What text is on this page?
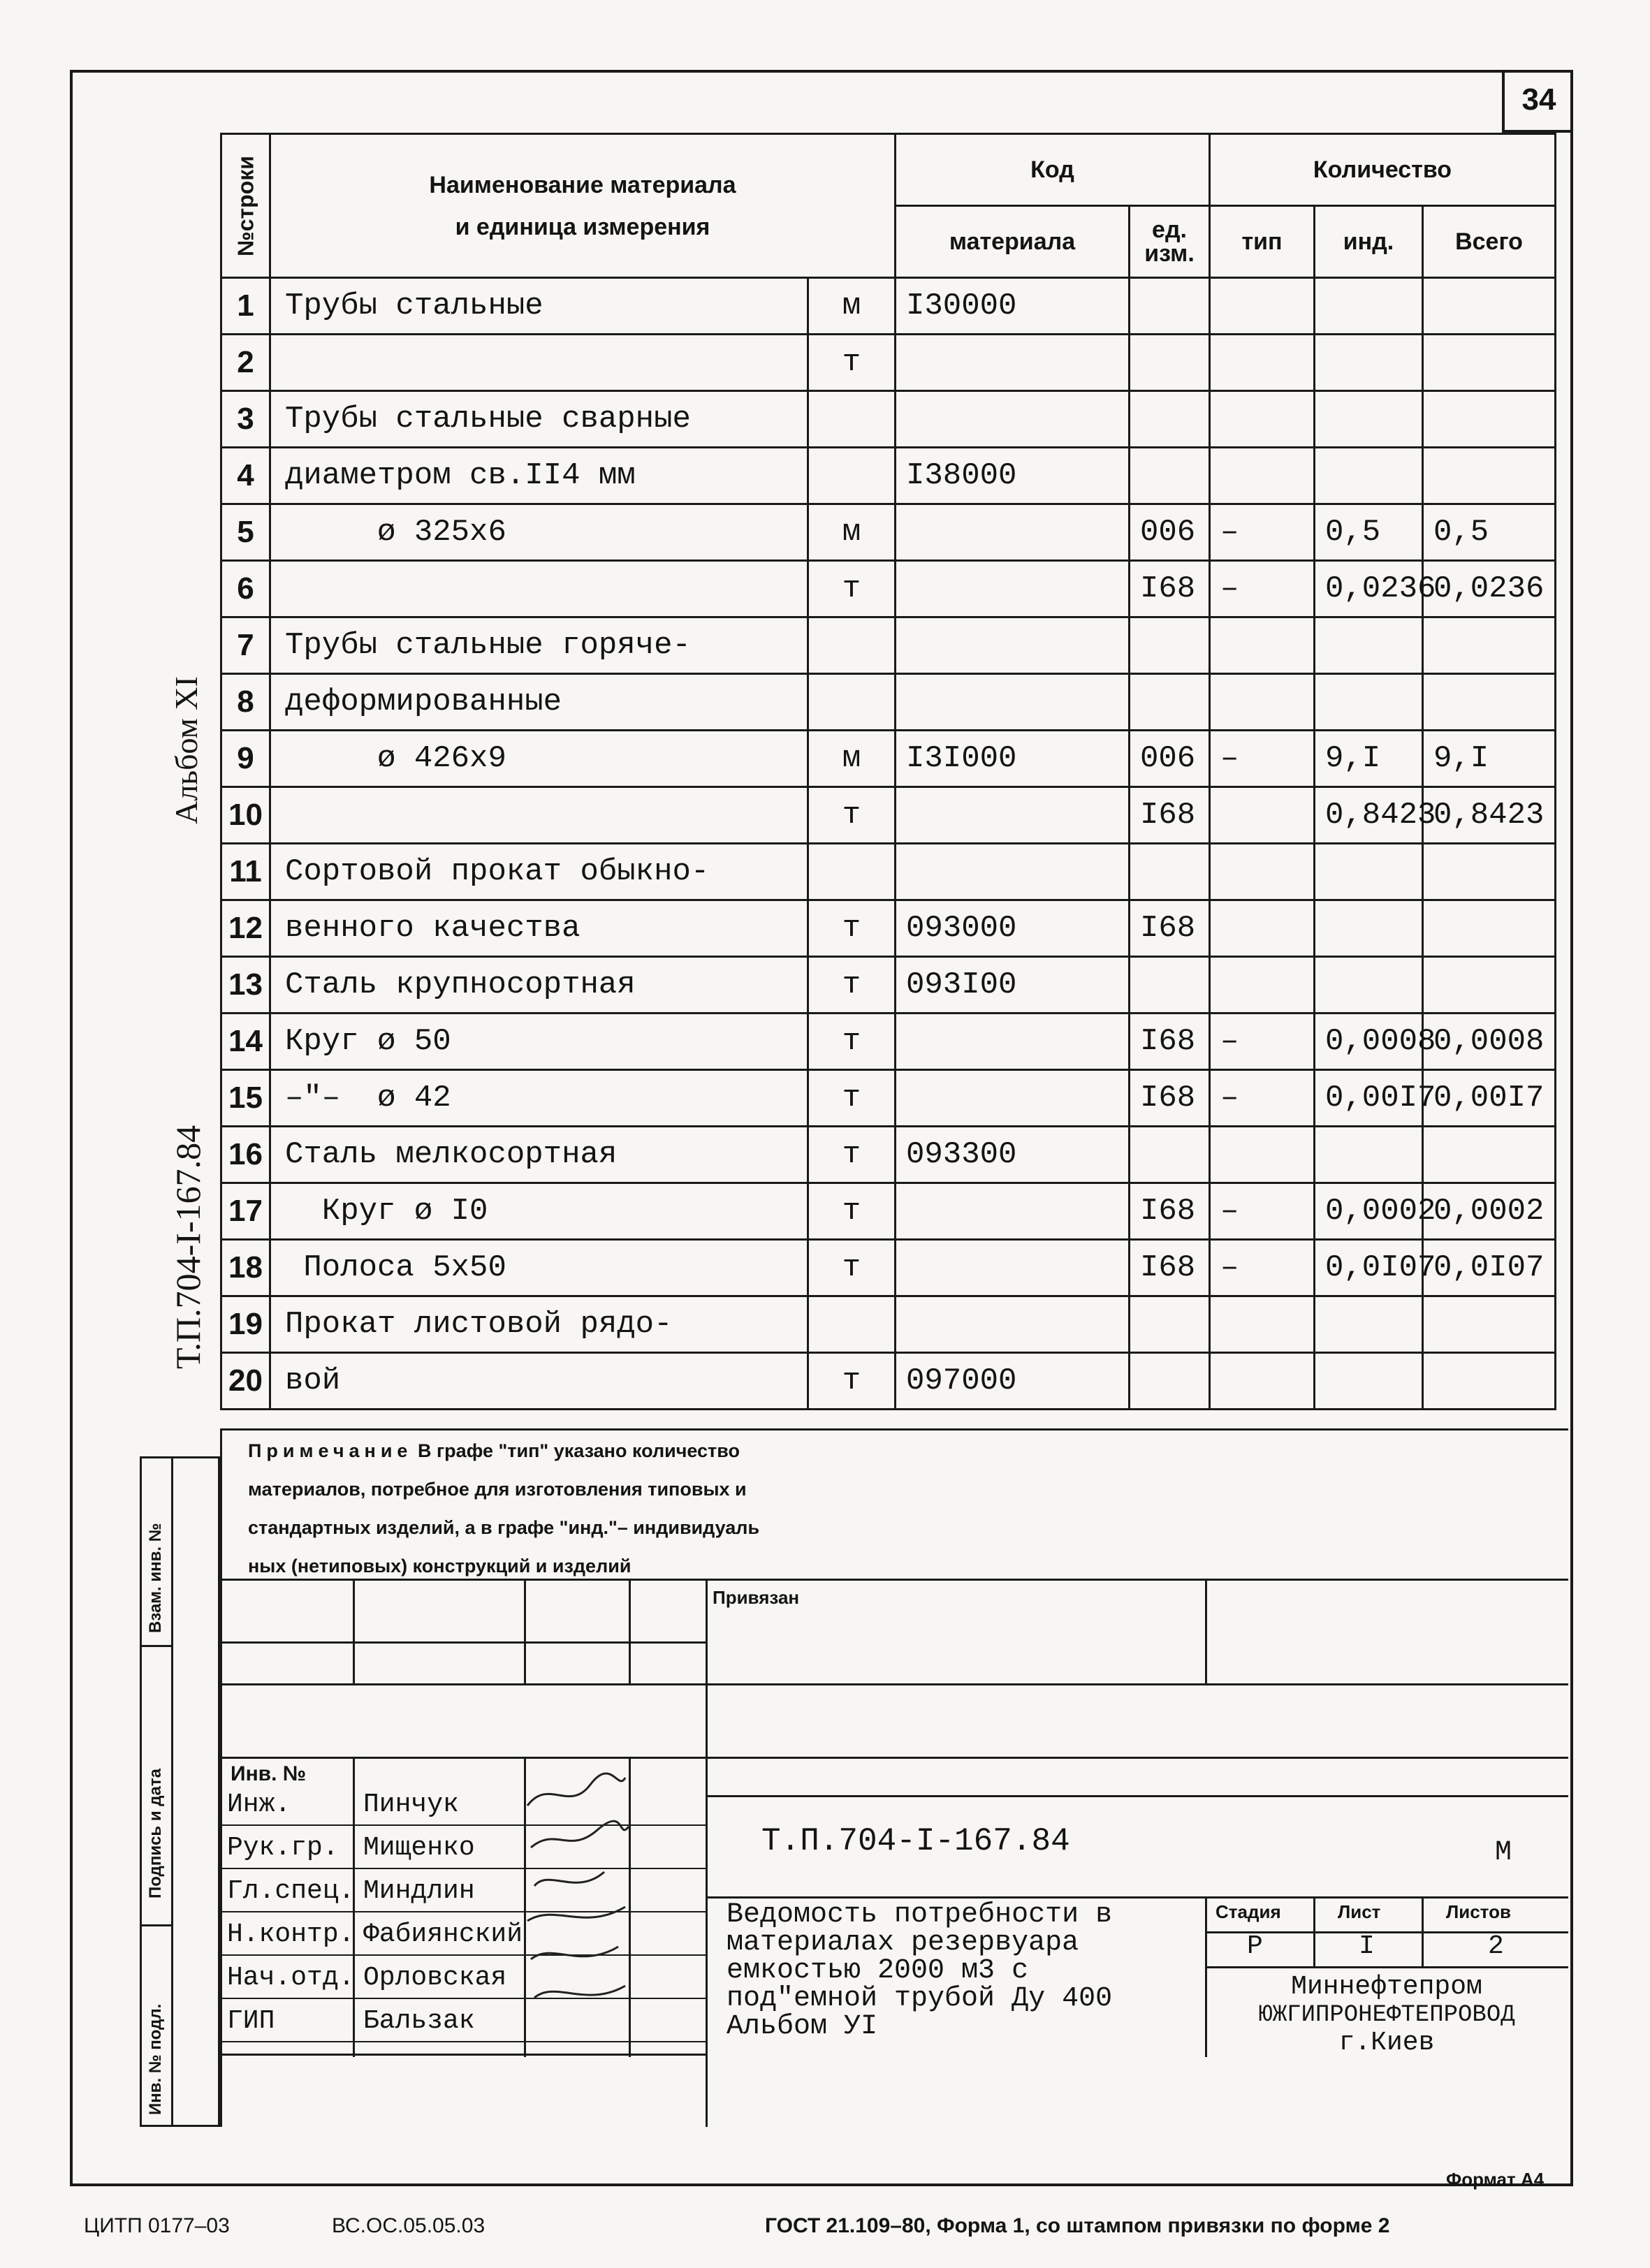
34
Альбом XI
Т.П.704-I-167.84
№строки	Наименование материала
и единица измерения		Код		Количество		
			материала	ед. изм.	тип	инд.	Всего
1	Трубы стальные	м	I30000				
2		т					
3	Трубы стальные сварные						
4	диаметром св.II4 мм		I38000				
5	ø 325х6	м		006	–	0,5	0,5
6		т		I68	–	0,0236	0,0236
7	Трубы стальные горяче-						
8	деформированные						
9	ø 426х9	м	I3I000	006	–	9,I	9,I
10		т		I68		0,8423	0,8423
11	Сортовой прокат обыкно-						
12	венного качества	т	093000	I68			
13	Сталь крупносортная	т	093I00				
14	Круг ø 50	т		I68	–	0,0008	0,0008
15	–"–  ø 42	т		I68	–	0,00I7	0,00I7
16	Сталь мелкосортная	т	093300				
17	Круг ø I0	т		I68	–	0,0002	0,0002
18	Полоса 5х50	т		I68	–	0,0I07	0,0I07
19	Прокат листовой рядо-						
20	вой	т	097000				
Примечание В графе "тип" указано количество
материалов, потребное для изготовления типовых и
стандартных изделий, а в графе "инд."– индивидуаль
ных (нетиповых) конструкций и изделий
Взам. инв. №
Подпись и дата
Инв. № подл.
Привязан
Инв. №
Инж.	Пинчук
Рук.гр. Мищенко
Гл.спец. Миндлин
Н.контр. Фабиянский
Нач.отд. Орловская
ГИП	Бальзак
Т.П.704-I-167.84	М
Ведомость потребности в
материалах резервуара
емкостью 2000 м3 с
под"емной трубой Ду 400
Альбом УI
Стадия	Лист	Листов
Р	I	2
Миннефтепром
ЮЖГИПРОНЕФТЕПРОВОД
г.Киев
Формат А4
ЦИТП 0177–03	ВС.ОС.05.05.03	ГОСТ 21.109–80, Форма 1, со штампом привязки по форме 2
